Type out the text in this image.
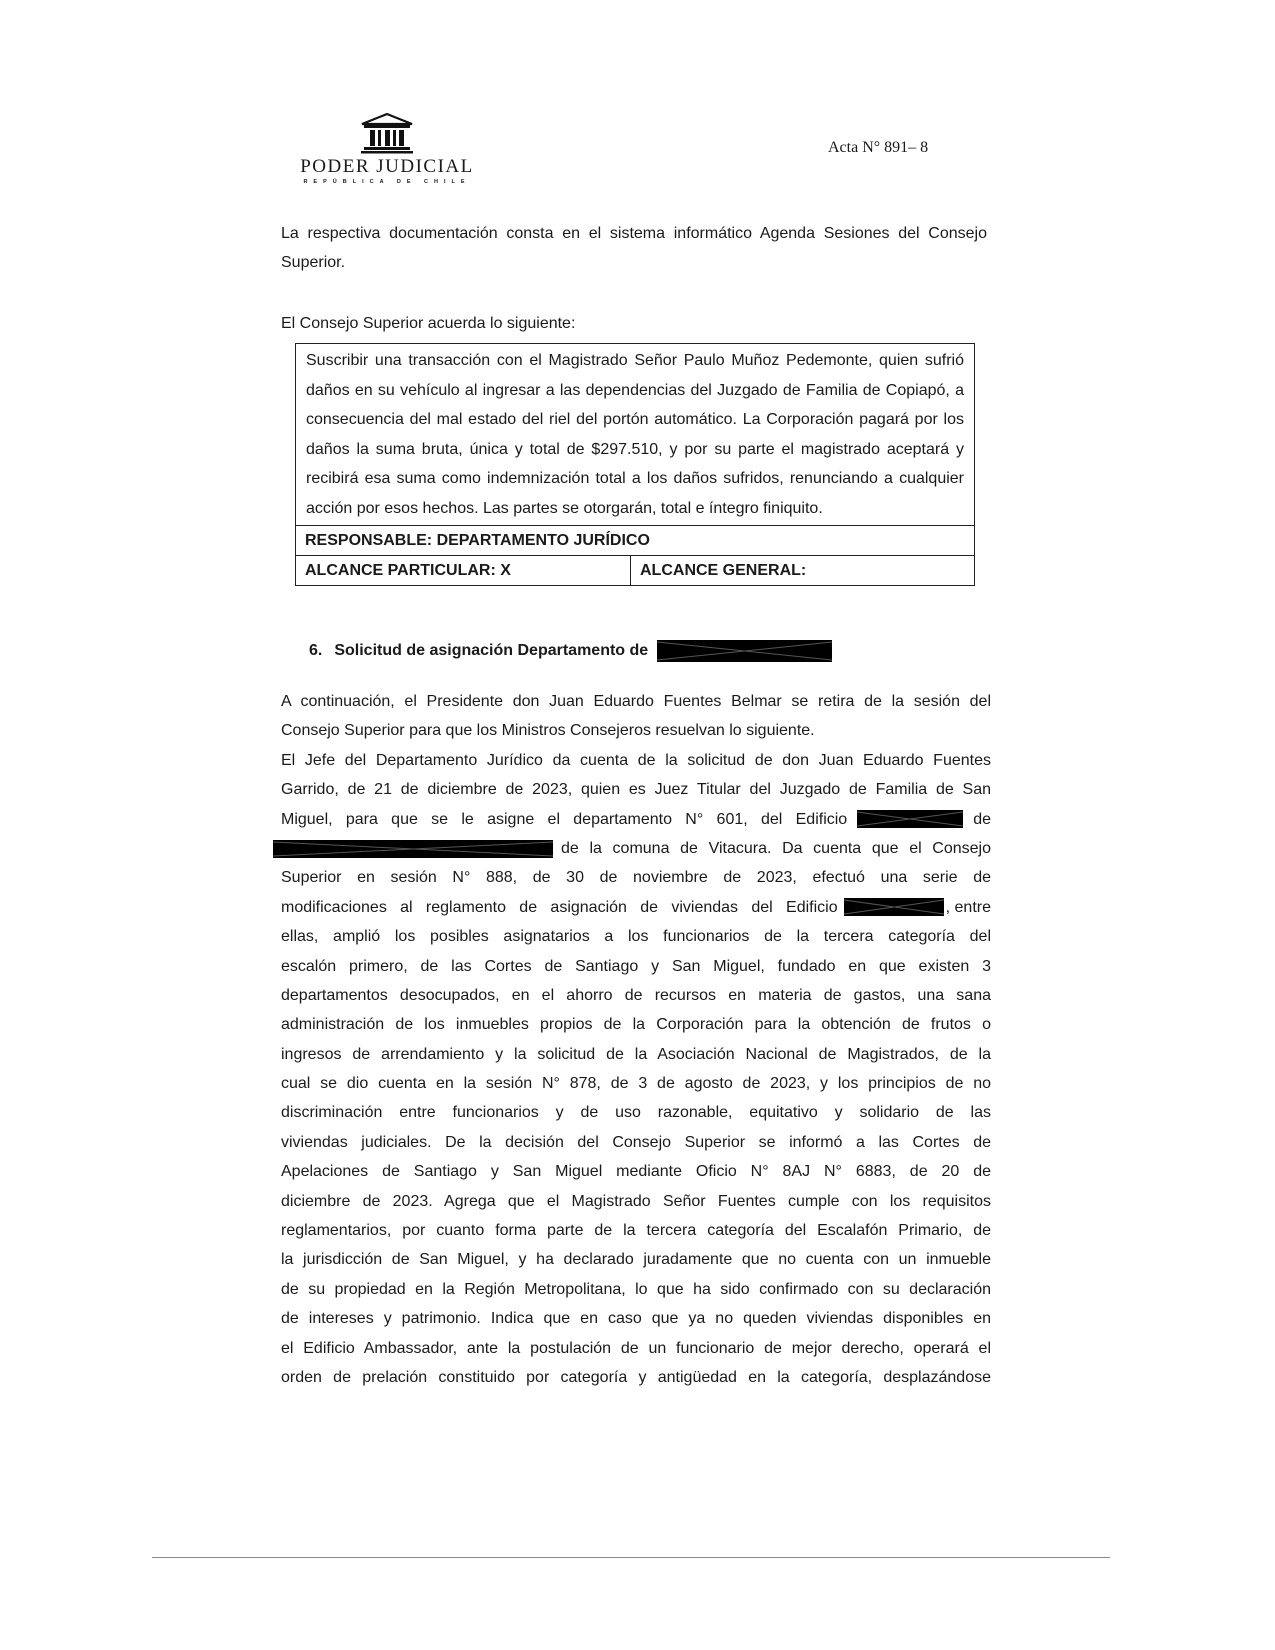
PODER JUDICIAL
REPÚBLICA DE CHILE
Acta N° 891– 8

La respectiva documentación consta en el sistema informático Agenda Sesiones del Consejo Superior.

El Consejo Superior acuerda lo siguiente:

Suscribir una transacción con el Magistrado Señor Paulo Muñoz Pedemonte, quien sufrió daños en su vehículo al ingresar a las dependencias del Juzgado de Familia de Copiapó, a consecuencia del mal estado del riel del portón automático. La Corporación pagará por los daños la suma bruta, única y total de $297.510, y por su parte el magistrado aceptará y recibirá esa suma como indemnización total a los daños sufridos, renunciando a cualquier acción por esos hechos. Las partes se otorgarán, total e íntegro finiquito.

RESPONSABLE: DEPARTAMENTO JURÍDICO
ALCANCE PARTICULAR: X	ALCANCE GENERAL:
6. Solicitud de asignación Departamento de
A continuación, el Presidente don Juan Eduardo Fuentes Belmar se retira de la sesión del
Consejo Superior para que los Ministros Consejeros resuelvan lo siguiente.
El Jefe del Departamento Jurídico da cuenta de la solicitud de don Juan Eduardo Fuentes
Garrido, de 21 de diciembre de 2023, quien es Juez Titular del Juzgado de Familia de San
Miguel, para que se le asigne el departamento N° 601, del Edificio	de
de la comuna de Vitacura. Da cuenta que el Consejo
Superior en sesión N° 888, de 30 de noviembre de 2023, efectuó una serie de
modificaciones al reglamento de asignación de viviendas del Edificio	, entre
ellas, amplió los posibles asignatarios a los funcionarios de la tercera categoría del
escalón primero, de las Cortes de Santiago y San Miguel, fundado en que existen 3
departamentos desocupados, en el ahorro de recursos en materia de gastos, una sana
administración de los inmuebles propios de la Corporación para la obtención de frutos o
ingresos de arrendamiento y la solicitud de la Asociación Nacional de Magistrados, de la
cual se dio cuenta en la sesión N° 878, de 3 de agosto de 2023, y los principios de no
discriminación entre funcionarios y de uso razonable, equitativo y solidario de las
viviendas judiciales. De la decisión del Consejo Superior se informó a las Cortes de
Apelaciones de Santiago y San Miguel mediante Oficio N° 8AJ N° 6883, de 20 de
diciembre de 2023. Agrega que el Magistrado Señor Fuentes cumple con los requisitos
reglamentarios, por cuanto forma parte de la tercera categoría del Escalafón Primario, de
la jurisdicción de San Miguel, y ha declarado juradamente que no cuenta con un inmueble
de su propiedad en la Región Metropolitana, lo que ha sido confirmado con su declaración
de intereses y patrimonio. Indica que en caso que ya no queden viviendas disponibles en
el Edificio Ambassador, ante la postulación de un funcionario de mejor derecho, operará el
orden de prelación constituido por categoría y antigüedad en la categoría, desplazándose
